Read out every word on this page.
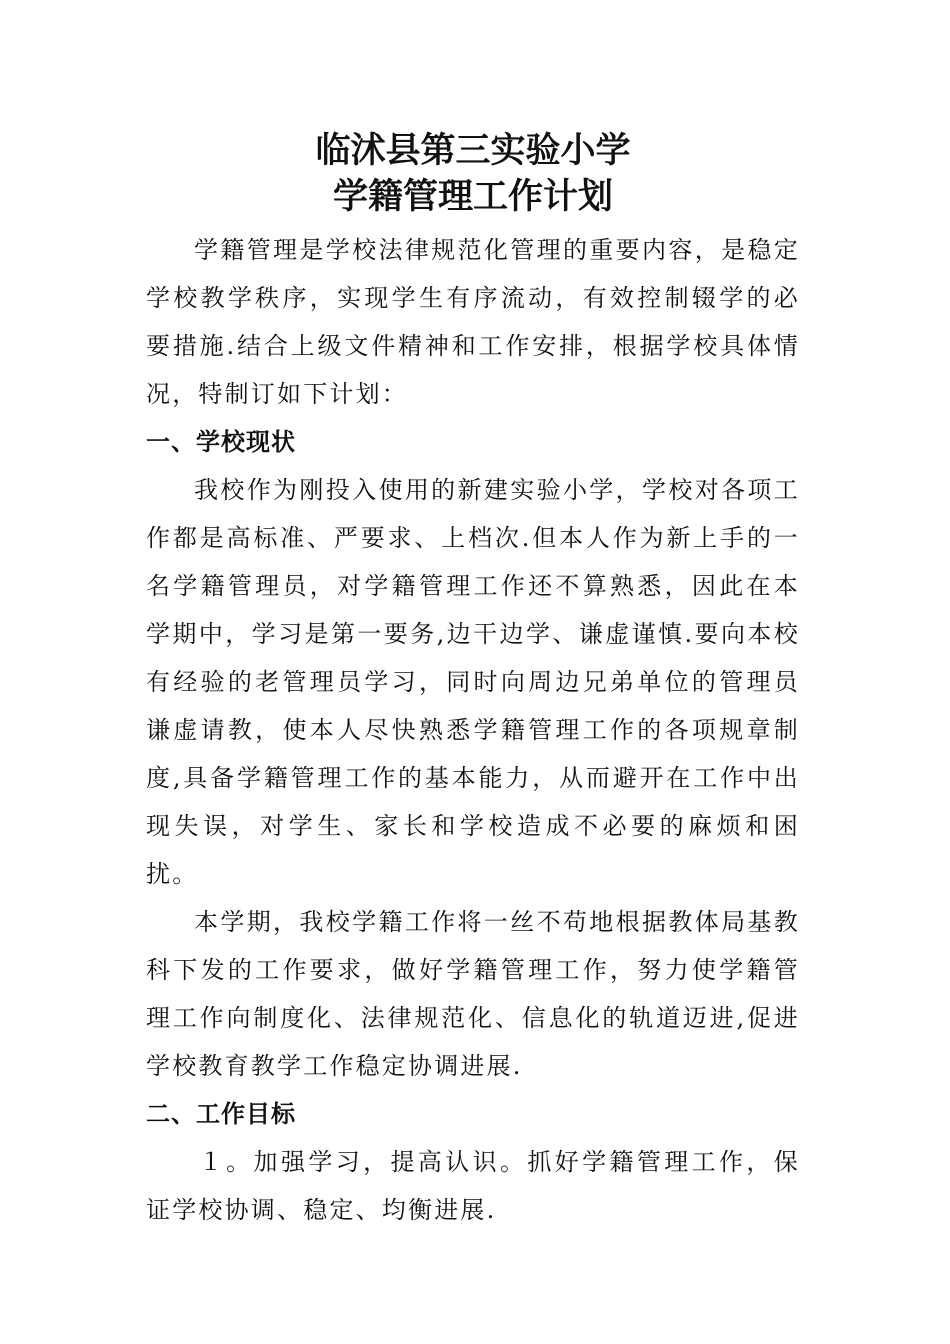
临沭县第三实验小学
学籍管理工作计划

学籍管理是学校法律规范化管理的重要内容，是稳定学校教学秩序，实现学生有序流动，有效控制辍学的必要措施.结合上级文件精神和工作安排，根据学校具体情况，特制订如下计划：

一、学校现状

我校作为刚投入使用的新建实验小学，学校对各项工作都是高标准、严要求、上档次.但本人作为新上手的一名学籍管理员，对学籍管理工作还不算熟悉，因此在本学期中，学习是第一要务,边干边学、谦虚谨慎.要向本校有经验的老管理员学习，同时向周边兄弟单位的管理员谦虚请教，使本人尽快熟悉学籍管理工作的各项规章制度,具备学籍管理工作的基本能力，从而避开在工作中出现失误，对学生、家长和学校造成不必要的麻烦和困扰。

本学期，我校学籍工作将一丝不苟地根据教体局基教科下发的工作要求，做好学籍管理工作，努力使学籍管理工作向制度化、法律规范化、信息化的轨道迈进,促进学校教育教学工作稳定协调进展.

二、工作目标

１。加强学习，提高认识。抓好学籍管理工作，保证学校协调、稳定、均衡进展.
